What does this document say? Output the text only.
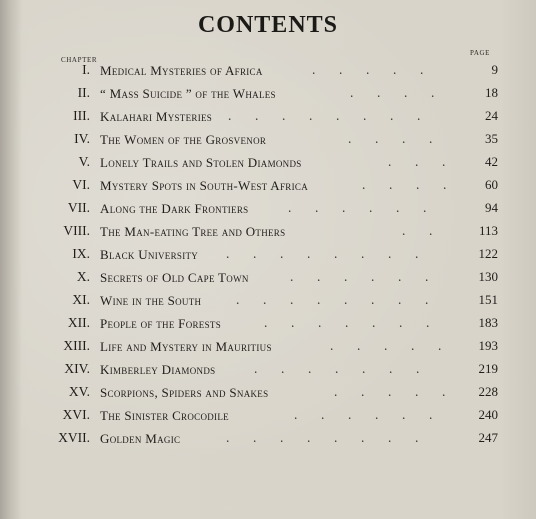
CONTENTS
CHAPTER
PAGE
I. Medical Mysteries of Africa	.       .       .       .       .	9
II. “ Mass Suicide ” of the Whales	.       .       .       .	18
III. Kalahari Mysteries .       .       .       .       .       .       .       .	24
IV. The Women of the Grosvenor	.       .       .       .	35
V. Lonely Trails and Stolen Diamonds	.       .       .	42
VI. Mystery Spots in South-West Africa	.       .       .       .	60
VII. Along the Dark Frontiers	.       .       .       .       .       .	94
VIII. The Man-eating Tree and Others	.       .	113
IX. Black University .       .       .       .       .       .       .       .	122
X. Secrets of Old Cape Town	.       .       .       .       .       .	130
XI. Wine in the South	.       .       .       .       .       .       .       .	151
XII. People of the Forests	.       .       .       .       .       .       .	183
XIII. Life and Mystery in Mauritius	.       .       .       .       .	193
XIV. Kimberley Diamonds	.       .       .       .       .       .       .	219
XV. Scorpions, Spiders and Snakes	.       .       .       .       .	228
XVI. The Sinister Crocodile	.       .       .       .       .       .	240
XVII. Golden Magic	.       .       .       .       .       .       .       .	247
